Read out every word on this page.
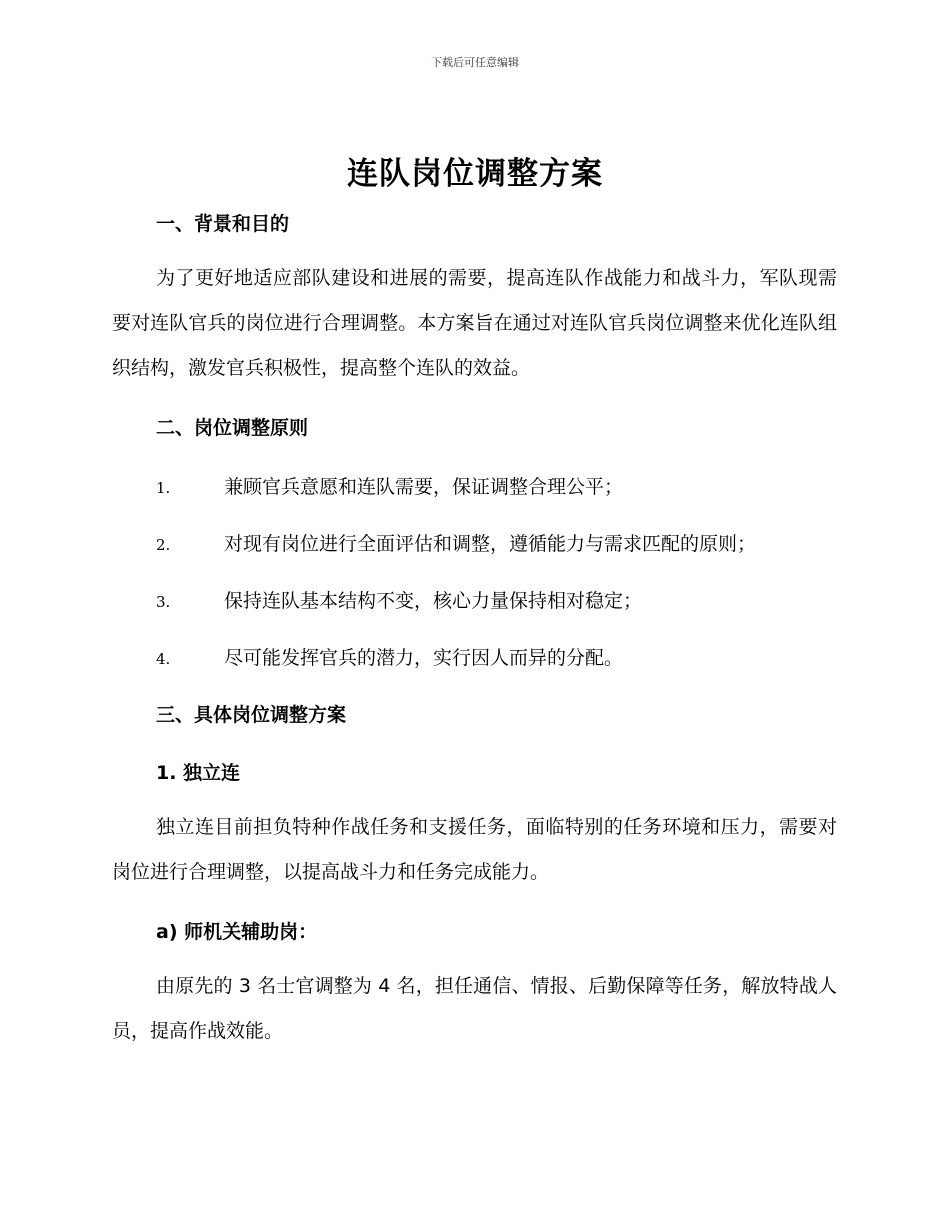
下载后可任意编辑
连队岗位调整方案
一、背景和目的

为了更好地适应部队建设和进展的需要，提高连队作战能力和战斗力，军队现需要对连队官兵的岗位进行合理调整。本方案旨在通过对连队官兵岗位调整来优化连队组织结构，激发官兵积极性，提高整个连队的效益。

二、岗位调整原则
1.	兼顾官兵意愿和连队需要，保证调整合理公平；
2.	对现有岗位进行全面评估和调整，遵循能力与需求匹配的原则；
3.	保持连队基本结构不变，核心力量保持相对稳定；
4.	尽可能发挥官兵的潜力，实行因人而异的分配。
三、具体岗位调整方案
1. 独立连

独立连目前担负特种作战任务和支援任务，面临特别的任务环境和压力，需要对岗位进行合理调整，以提高战斗力和任务完成能力。

a) 师机关辅助岗：

由原先的 3 名士官调整为 4 名，担任通信、情报、后勤保障等任务，解放特战人员，提高作战效能。
